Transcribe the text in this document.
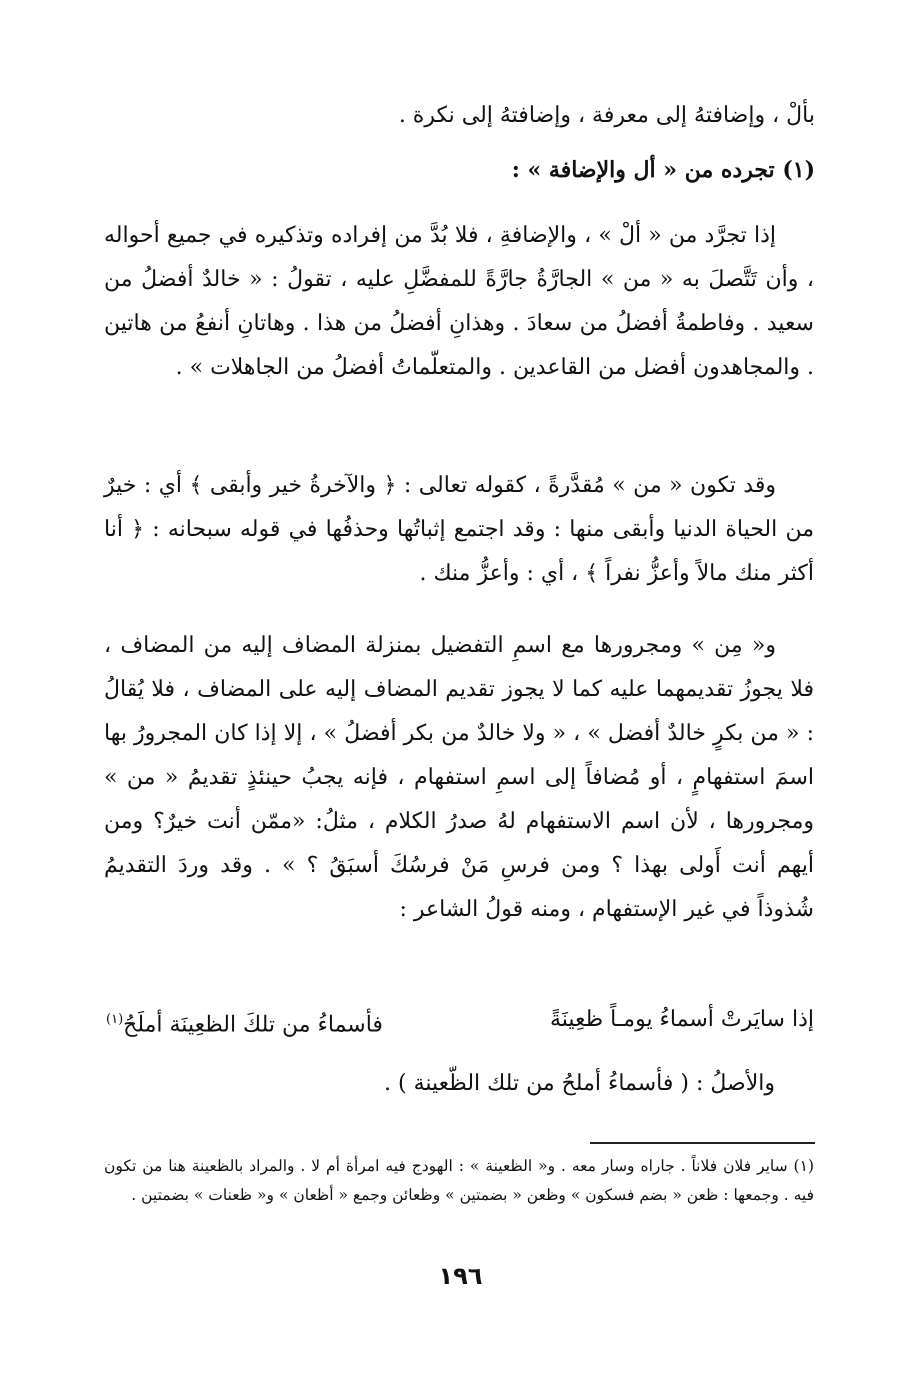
بألْ ، وإضافتهُ إلى معرفة ، وإضافتهُ إلى نكرة .
(١) تجرده من « أل والإضافة » :

إذا تجرَّد من « ألْ » ، والإضافةِ ، فلا بُدَّ من إفراده وتذكيره في جميع أحواله ، وأن تَتَّصلَ به « من » الجارَّةُ جارَّةً للمفضَّلِ عليه ، تقولُ : « خالدٌ أفضلُ من سعيد . وفاطمةُ أفضلُ من سعادَ . وهذانِ أفضلُ من هذا . وهاتانِ أنفعُ من هاتين . والمجاهدون أفضل من القاعدين . والمتعلّماتُ أفضلُ من الجاهلات » .

وقد تكون « من » مُقدَّرةً ، كقوله تعالى : ﴿ والآخرةُ خير وأبقى ﴾ أي : خيرٌ من الحياة الدنيا وأبقى منها : وقد اجتمع إثباتُها وحذفُها في قوله سبحانه : ﴿ أنا أكثر منك مالاً وأعزُّ نفراً ﴾ ، أي : وأعزُّ منك .

و« مِن » ومجرورها مع اسمِ التفضيل بمنزلة المضاف إليه من المضاف ، فلا يجوزُ تقديمهما عليه كما لا يجوز تقديم المضاف إليه على المضاف ، فلا يُقالُ : « من بكرٍ خالدٌ أفضل » ، « ولا خالدٌ من بكر أفضلُ » ، إلا إذا كان المجرورُ بها اسمَ استفهامٍ ، أو مُضافاً إلى اسمِ استفهام ، فإنه يجبُ حينئذٍ تقديمُ « من » ومجرورها ، لأن اسم الاستفهام لهُ صدرُ الكلام ، مثلُ: «ممّن أنت خيرٌ؟ ومن أيهم أنت أَولى بهذا ؟ ومن فرسِ مَنْ فرسُكَ أسبَقُ ؟ » . وقد وردَ التقديمُ شُذوذاً في غير الإستفهام ، ومنه قولُ الشاعر :

إذا سايَرتْ أسماءُ يومـاً ظعِينَةً
فأسماءُ من تلكَ الظعِينَة أملَحُ$^{(١)}$
والأصلُ : ( فأسماءُ أملحُ من تلك الظّعينة ) .

(١) ساير فلان فلاناً . جاراه وسار معه . و« الظعينة » : الهودج فيه امرأة أم لا . والمراد بالظعينة هنا من تكون فيه . وجمعها : ظعن « بضم فسكون » وظعن « بضمتين » وظعائن وجمع « أظعان » و« ظعنات » بضمتين .

١٩٦
